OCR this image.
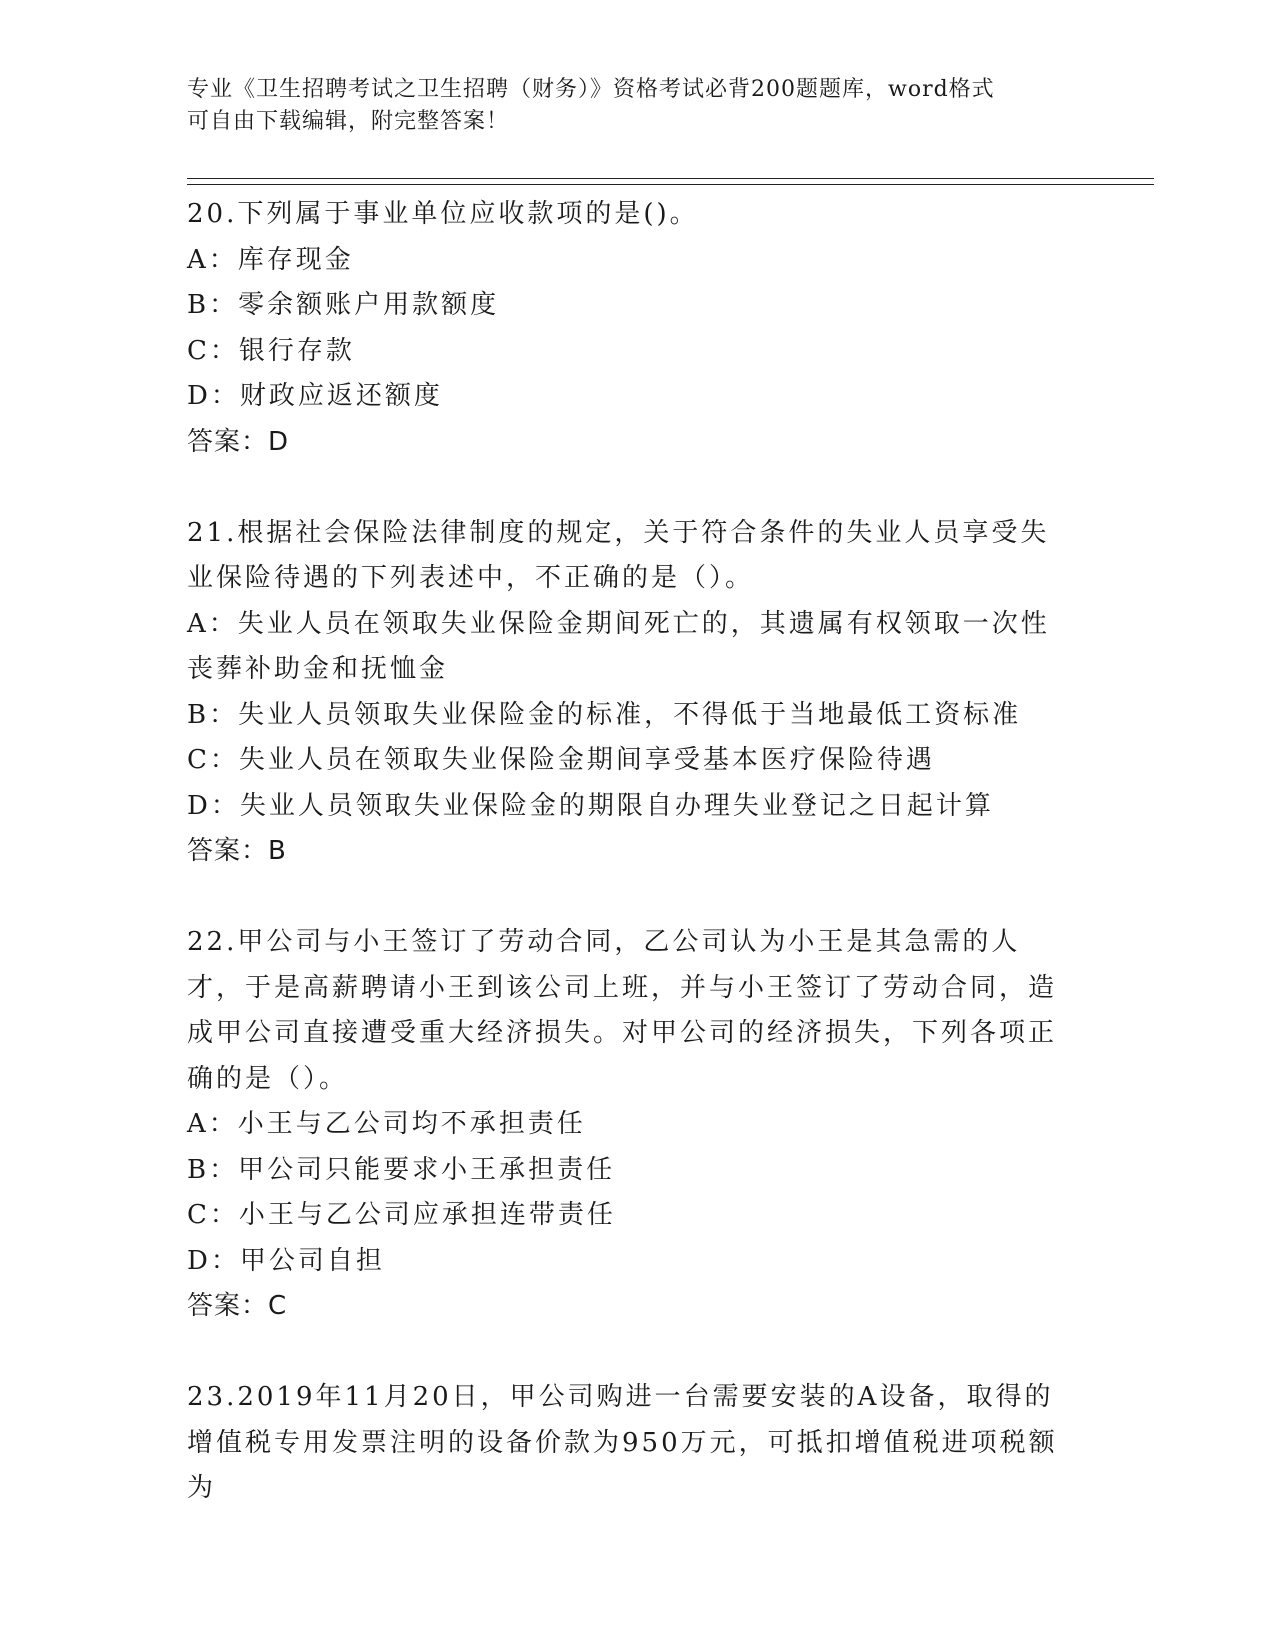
专业《卫生招聘考试之卫生招聘（财务）》资格考试必背200题题库，word格式
可自由下载编辑，附完整答案！

20.下列属于事业单位应收款项的是()。

A：库存现金

B：零余额账户用款额度

C：银行存款

D：财政应返还额度

答案：D

21.根据社会保险法律制度的规定，关于符合条件的失业人员享受失业保险待遇的下列表述中，不正确的是（）。

A：失业人员在领取失业保险金期间死亡的，其遗属有权领取一次性丧葬补助金和抚恤金

B：失业人员领取失业保险金的标准，不得低于当地最低工资标准

C：失业人员在领取失业保险金期间享受基本医疗保险待遇

D：失业人员领取失业保险金的期限自办理失业登记之日起计算

答案：B

22.甲公司与小王签订了劳动合同，乙公司认为小王是其急需的人才，于是高薪聘请小王到该公司上班，并与小王签订了劳动合同，造成甲公司直接遭受重大经济损失。对甲公司的经济损失，下列各项正确的是（）。

A：小王与乙公司均不承担责任

B：甲公司只能要求小王承担责任

C：小王与乙公司应承担连带责任

D：甲公司自担

答案：C

23.2019年11月20日，甲公司购进一台需要安装的A设备，取得的增值税专用发票注明的设备价款为950万元，可抵扣增值税进项税额为
